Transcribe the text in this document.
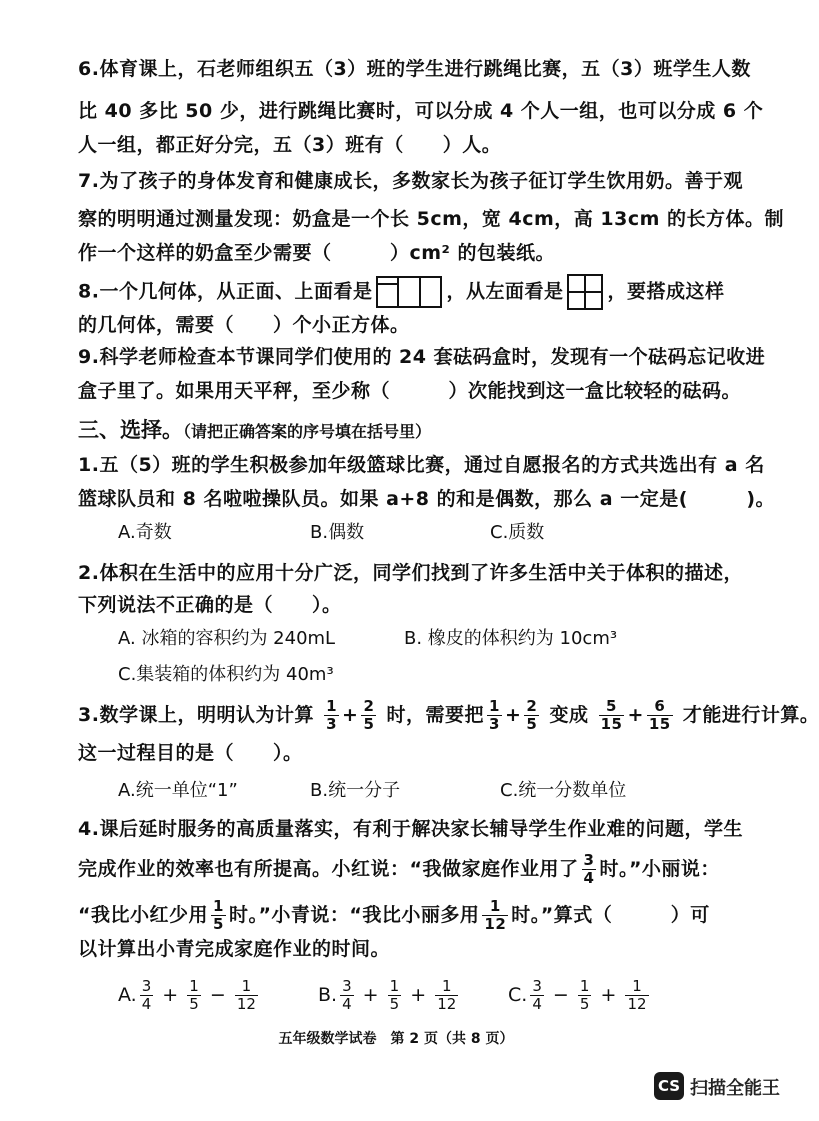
6.体育课上，石老师组织五（3）班的学生进行跳绳比赛，五（3）班学生人数
比 40 多比 50 少，进行跳绳比赛时，可以分成 4 个人一组，也可以分成 6 个
人一组，都正好分完，五（3）班有（　　）人。
7.为了孩子的身体发育和健康成长，多数家长为孩子征订学生饮用奶。善于观
察的明明通过测量发现：奶盒是一个长 5cm，宽 4cm，高 13cm 的长方体。制
作一个这样的奶盒至少需要（　　　）cm² 的包装纸。
8.一个几何体，从正面、上面看是	，从左面看是 ，要搭成这样
的几何体，需要（　　）个小正方体。
9.科学老师检查本节课同学们使用的 24 套砝码盒时，发现有一个砝码忘记收进
盒子里了。如果用天平秤，至少称（　　　）次能找到这一盒比较轻的砝码。
三、选择。（请把正确答案的序号填在括号里）
1.五（5）班的学生积极参加年级篮球比赛，通过自愿报名的方式共选出有 a 名
篮球队员和 8 名啦啦操队员。如果 a+8 的和是偶数，那么 a 一定是(　　　)。
A.奇数	B.偶数	C.质数
2.体积在生活中的应用十分广泛，同学们找到了许多生活中关于体积的描述，
下列说法不正确的是（　　）。
A. 冰箱的容积约为 240mL	B. 橡皮的体积约为 10cm³
C.集装箱的体积约为 40m³
3.数学课上，明明认为计算 $\frac{1}{3} + \frac{2}{5}$ 时，需要把 $\frac{1}{3} + \frac{2}{5}$ 变成 $\frac{5}{15} + \frac{6}{15}$ 才能进行计算。
这一过程目的是（　　）。
A.统一单位“1”	B.统一分子	C.统一分数单位
4.课后延时服务的高质量落实，有利于解决家长辅导学生作业难的问题，学生
完成作业的效率也有所提高。小红说：“我做家庭作业用了 $\frac{3}{4}$ 时。”小丽说：
“我比小红少用 $\frac{1}{5}$ 时。”小青说：“我比小丽多用 $\frac{1}{12}$ 时。”算式（　　　）可
以计算出小青完成家庭作业的时间。
A. $\frac{3}{4} + \frac{1}{5} - \frac{1}{12}$	B. $\frac{3}{4} + \frac{1}{5} + \frac{1}{12}$	C. $\frac{3}{4} - \frac{1}{5} + \frac{1}{12}$
五年级数学试卷　第 2 页（共 8 页）
CS 扫描全能王
